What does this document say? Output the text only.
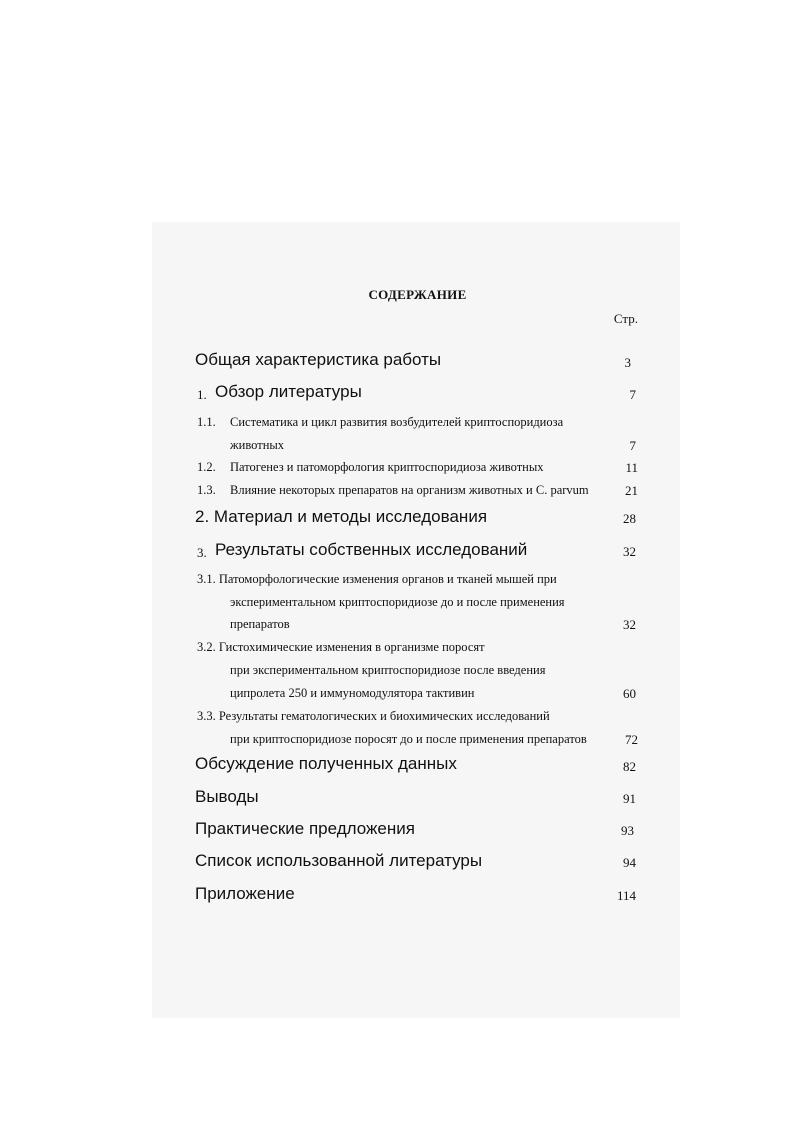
СОДЕРЖАНИЕ
Стр.
Общая характеристика работы	3
1. Обзор литературы	7
1.1. Систематика и цикл развития возбудителей криптоспоридиоза
животных	7
1.2. Патогенез и патоморфология криптоспоридиоза животных	11
1.3. Влияние некоторых препаратов на организм животных и C. parvum	21
2. Материал и методы исследования	28
3. Результаты собственных исследований	32
3.1. Патоморфологические изменения органов и тканей мышей при
экспериментальном криптоспоридиозе до и после применения
препаратов	32
3.2. Гистохимические изменения в организме поросят
при экспериментальном криптоспоридиозе после введения
ципролета 250 и иммуномодулятора тактивин	60
3.3. Результаты гематологических и биохимических исследований
при криптоспоридиозе поросят до и после применения препаратов	72
Обсуждение полученных данных	82
Выводы	91
Практические предложения	93
Список использованной литературы	94
Приложение	114
